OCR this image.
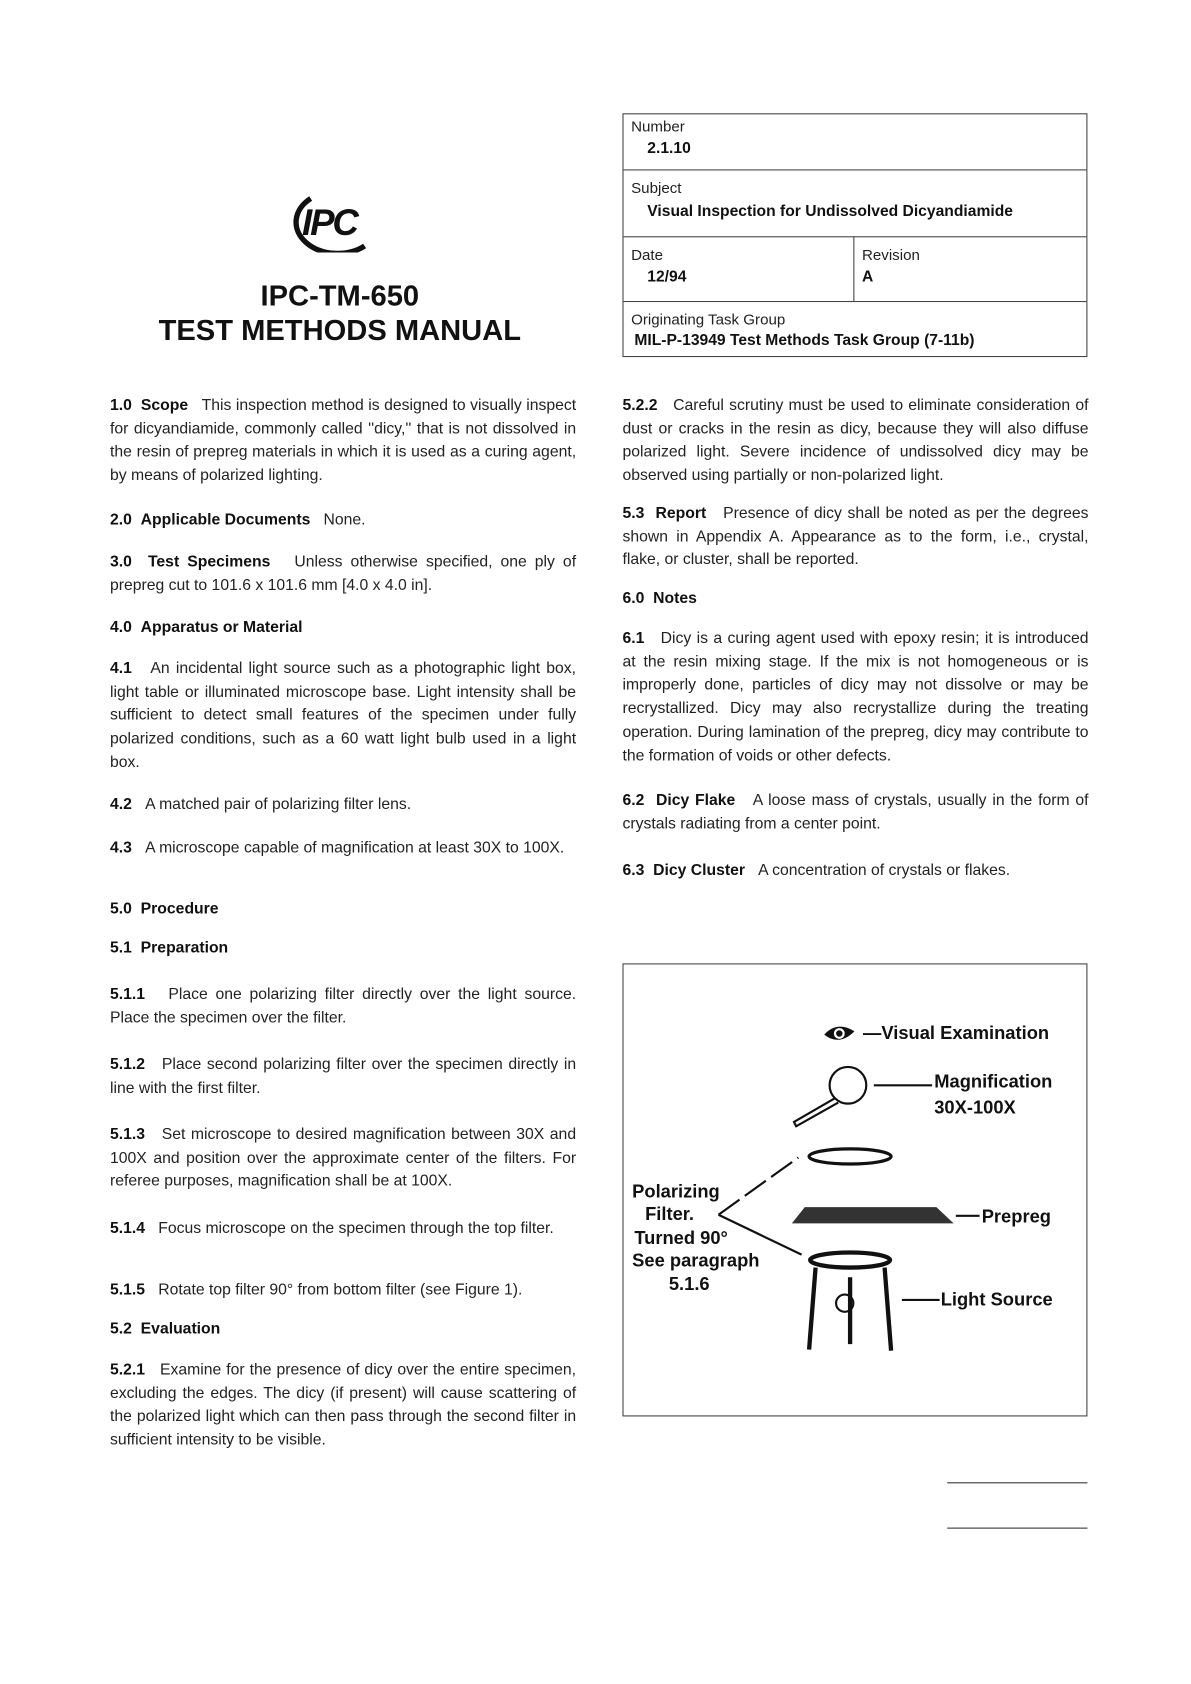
IPC
IPC-TM-650
TEST METHODS MANUAL
Number
2.1.10
Subject
Visual Inspection for Undissolved Dicyandiamide
Date
12/94
Revision
A
Originating Task Group
MIL-P-13949 Test Methods Task Group (7-11b)
1.0 Scope This inspection method is designed to visually inspect for dicyandiamide, commonly called ''dicy,'' that is not dissolved in the resin of prepreg materials in which it is used as a curing agent, by means of polarized lighting.
2.0 Applicable Documents None.
3.0 Test Specimens Unless otherwise specified, one ply of prepreg cut to 101.6 x 101.6 mm [4.0 x 4.0 in].
4.0 Apparatus or Material
4.1 An incidental light source such as a photographic light box, light table or illuminated microscope base. Light intensity shall be sufficient to detect small features of the specimen under fully polarized conditions, such as a 60 watt light bulb used in a light box.
4.2 A matched pair of polarizing filter lens.
4.3 A microscope capable of magnification at least 30X to 100X.
5.0 Procedure
5.1 Preparation
5.1.1 Place one polarizing filter directly over the light source. Place the specimen over the filter.
5.1.2 Place second polarizing filter over the specimen directly in line with the first filter.
5.1.3 Set microscope to desired magnification between 30X and 100X and position over the approximate center of the filters. For referee purposes, magnification shall be at 100X.
5.1.4 Focus microscope on the specimen through the top filter.
5.1.5 Rotate top filter 90° from bottom filter (see Figure 1).
5.2 Evaluation
5.2.1 Examine for the presence of dicy over the entire specimen, excluding the edges. The dicy (if present) will cause scattering of the polarized light which can then pass through the second filter in sufficient intensity to be visible.
5.2.2 Careful scrutiny must be used to eliminate consideration of dust or cracks in the resin as dicy, because they will also diffuse polarized light. Severe incidence of undissolved dicy may be observed using partially or non-polarized light.
5.3 Report Presence of dicy shall be noted as per the degrees shown in Appendix A. Appearance as to the form, i.e., crystal, flake, or cluster, shall be reported.
6.0 Notes
6.1 Dicy is a curing agent used with epoxy resin; it is introduced at the resin mixing stage. If the mix is not homogeneous or is improperly done, particles of dicy may not dissolve or may be recrystallized. Dicy may also recrystallize during the treating operation. During lamination of the prepreg, dicy may contribute to the formation of voids or other defects.
6.2 Dicy Flake A loose mass of crystals, usually in the form of crystals radiating from a center point.
6.3 Dicy Cluster A concentration of crystals or flakes.
—Visual Examination
Magnification
30X-100X
Prepreg
Light Source
Polarizing
Filter.
Turned 90°
See paragraph
5.1.6
